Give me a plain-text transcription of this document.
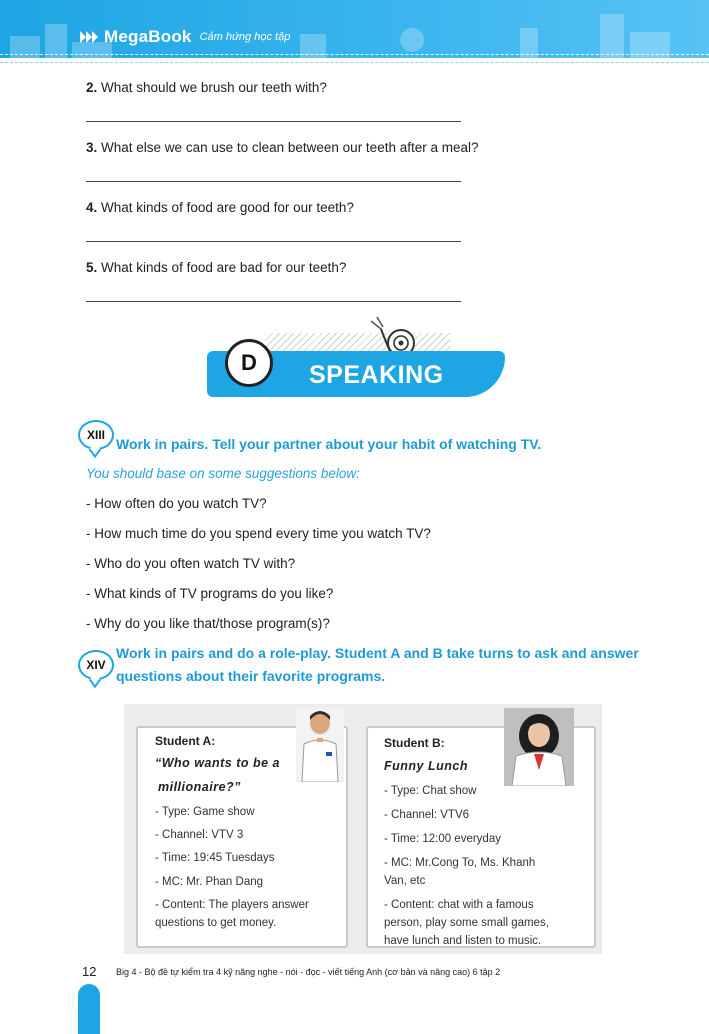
MegaBook Cảm hứng học tập
2. What should we brush our teeth with?
3. What else we can use to clean between our teeth after a meal?
4. What kinds of food are good for our teeth?
5. What kinds of food are bad for our teeth?
D	SPEAKING
XIII
Work in pairs. Tell your partner about your habit of watching TV.
You should base on some suggestions below:
- How often do you watch TV?
- How much time do you spend every time you watch TV?
- Who do you often watch TV with?
- What kinds of TV programs do you like?
- Why do you like that/those program(s)?
XIV
Work in pairs and do a role-play. Student A and B take turns to ask and answer
questions about their favorite programs.
Student A:
“Who wants to be a
millionaire?”
- Type: Game show
- Channel: VTV 3
- Time: 19:45 Tuesdays
- MC: Mr. Phan Dang
- Content: The players answer
questions to get money.
Student B:
Funny Lunch
- Type: Chat show
- Channel: VTV6
- Time: 12:00 everyday
- MC: Mr.Cong To, Ms. Khanh
Van, etc
- Content: chat with a famous
person, play some small games,
have lunch and listen to music.
12 Big 4 - Bộ đề tự kiểm tra 4 kỹ năng nghe - nói - đọc - viết tiếng Anh (cơ bản và nâng cao) 6 tập 2
